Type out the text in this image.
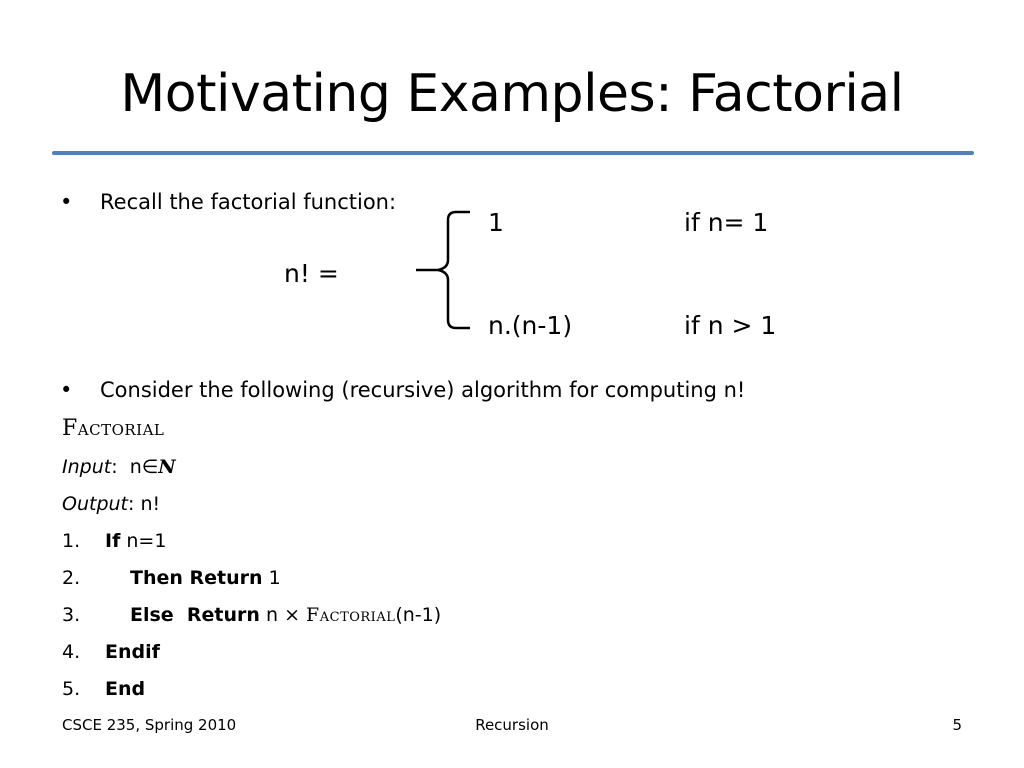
Motivating Examples: Factorial
• Recall the factorial function:
n! =
1	if n= 1
n.(n-1)	if n > 1
• Consider the following (recursive) algorithm for computing n!
Factorial
Input:  n∈N
Output: n!
1. If n=1
2.	Then Return 1
3.	Else  Return n × Factorial(n-1)
4. Endif
5. End
CSCE 235, Spring 2010	Recursion	5
